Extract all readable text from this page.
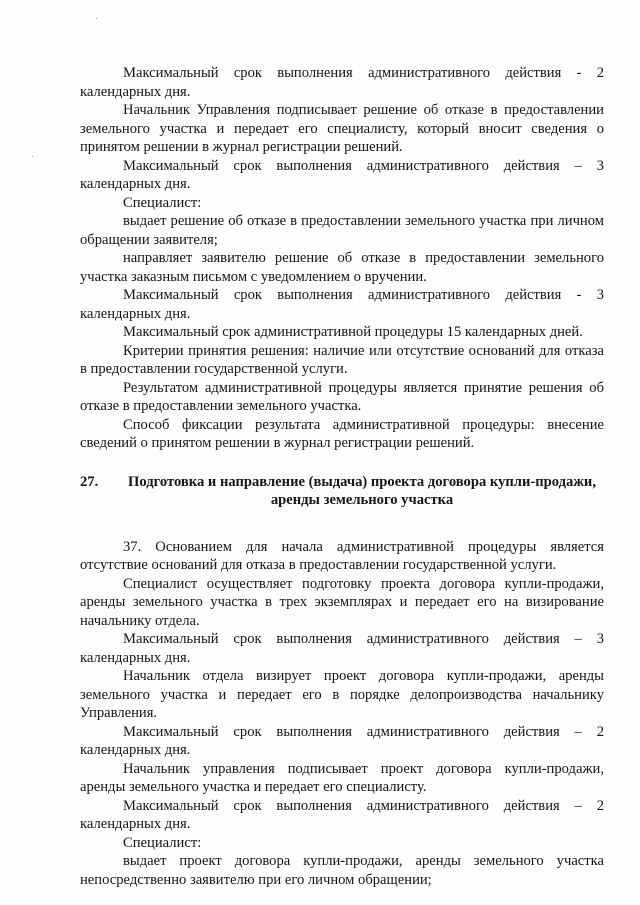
Максимальный срок выполнения административного действия - 2 календарных дня.

Начальник Управления подписывает решение об отказе в предоставлении земельного участка и передает его специалисту, который вносит сведения о принятом решении в журнал регистрации решений.

Максимальный срок выполнения административного действия – 3 календарных дня.

Специалист:

выдает решение об отказе в предоставлении земельного участка при личном обращении заявителя;

направляет заявителю решение об отказе в предоставлении земельного участка заказным письмом с уведомлением о вручении.

Максимальный срок выполнения административного действия - 3 календарных дня.

Максимальный срок административной процедуры 15 календарных дней.

Критерии принятия решения: наличие или отсутствие оснований для отказа в предоставлении государственной услуги.

Результатом административной процедуры является принятие решения об отказе в предоставлении земельного участка.

Способ фиксации результата административной процедуры: внесение сведений о принятом решении в журнал регистрации решений.

27.	Подготовка и направление (выдача) проекта договора купли-продажи, аренды земельного участка

37. Основанием для начала административной процедуры является отсутствие оснований для отказа в предоставлении государственной услуги.

Специалист осуществляет подготовку проекта договора купли-продажи, аренды земельного участка в трех экземплярах и передает его на визирование начальнику отдела.

Максимальный срок выполнения административного действия – 3 календарных дня.

Начальник отдела визирует проект договора купли-продажи, аренды земельного участка и передает его в порядке делопроизводства начальнику Управления.

Максимальный срок выполнения административного действия – 2 календарных дня.

Начальник управления подписывает проект договора купли-продажи, аренды земельного участка и передает его специалисту.

Максимальный срок выполнения административного действия – 2 календарных дня.

Специалист:

выдает проект договора купли-продажи, аренды земельного участка непосредственно заявителю при его личном обращении;
